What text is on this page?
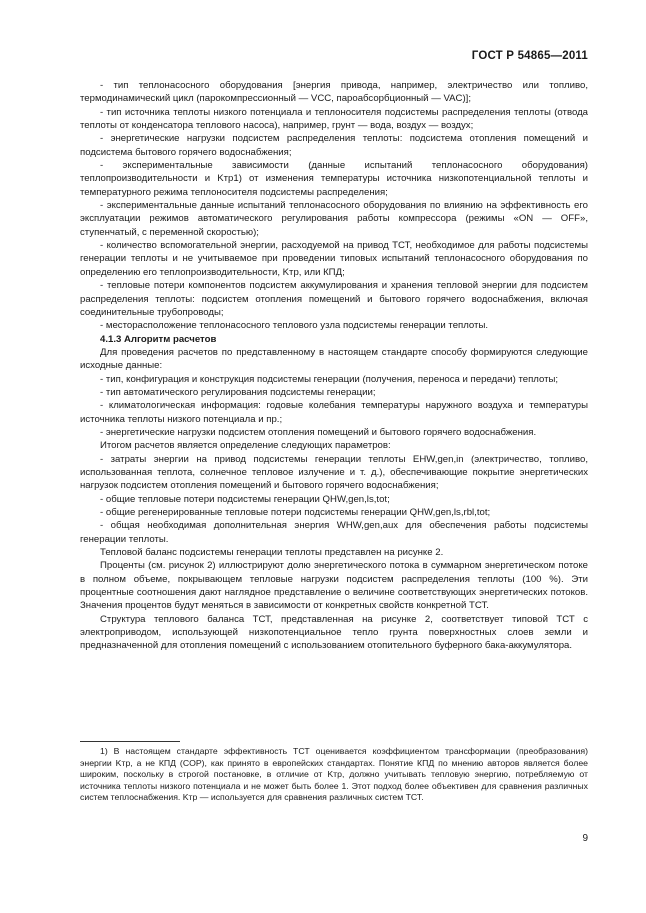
ГОСТ Р 54865—2011

- тип теплонасосного оборудования [энергия привода, например, электричество или топливо, термодинамический цикл (парокомпрессионный — VCC, пароабсорбционный — VAC)];

- тип источника теплоты низкого потенциала и теплоносителя подсистемы распределения теплоты (отвода теплоты от конденсатора теплового насоса), например, грунт — вода, воздух — воздух;

- энергетические нагрузки подсистем распределения теплоты: подсистема отопления помещений и подсистема бытового горячего водоснабжения;

- экспериментальные зависимости (данные испытаний теплонасосного оборудования) теплопроизводительности и Kтр1) от изменения температуры источника низкопотенциальной теплоты и температурного режима теплоносителя подсистемы распределения;

- экспериментальные данные испытаний теплонасосного оборудования по влиянию на эффективность его эксплуатации режимов автоматического регулирования работы компрессора (режимы «ON — OFF», ступенчатый, с переменной скоростью);

- количество вспомогательной энергии, расходуемой на привод ТСТ, необходимое для работы подсистемы генерации теплоты и не учитываемое при проведении типовых испытаний теплонасосного оборудования по определению его теплопроизводительности, Kтр, или КПД;

- тепловые потери компонентов подсистем аккумулирования и хранения тепловой энергии для подсистем распределения теплоты: подсистем отопления помещений и бытового горячего водоснабжения, включая соединительные трубопроводы;

- месторасположение теплонасосного теплового узла подсистемы генерации теплоты.

4.1.3 Алгоритм расчетов

Для проведения расчетов по представленному в настоящем стандарте способу формируются следующие исходные данные:

- тип, конфигурация и конструкция подсистемы генерации (получения, переноса и передачи) теплоты;

- тип автоматического регулирования подсистемы генерации;

- климатологическая информация: годовые колебания температуры наружного воздуха и температуры источника теплоты низкого потенциала и пр.;

- энергетические нагрузки подсистем отопления помещений и бытового горячего водоснабжения.

Итогом расчетов является определение следующих параметров:

- затраты энергии на привод подсистемы генерации теплоты EHW,gen,in (электричество, топливо, использованная теплота, солнечное тепловое излучение и т. д.), обеспечивающие покрытие энергетических нагрузок подсистем отопления помещений и бытового горячего водоснабжения;

- общие тепловые потери подсистемы генерации QHW,gen,ls,tot;

- общие регенерированные тепловые потери подсистемы генерации QHW,gen,ls,rbl,tot;

- общая необходимая дополнительная энергия WHW,gen,aux для обеспечения работы подсистемы генерации теплоты.

Тепловой баланс подсистемы генерации теплоты представлен на рисунке 2.

Проценты (см. рисунок 2) иллюстрируют долю энергетического потока в суммарном энергетическом потоке в полном объеме, покрывающем тепловые нагрузки подсистем распределения теплоты (100 %). Эти процентные соотношения дают наглядное представление о величине соответствующих энергетических потоков. Значения процентов будут меняться в зависимости от конкретных свойств конкретной ТСТ.

Структура теплового баланса ТСТ, представленная на рисунке 2, соответствует типовой ТСТ с электроприводом, использующей низкопотенциальное тепло грунта поверхностных слоев земли и предназначенной для отопления помещений с использованием отопительного буферного бака-аккумулятора.

1) В настоящем стандарте эффективность ТСТ оценивается коэффициентом трансформации (преобразования) энергии Kтр, а не КПД (COP), как принято в европейских стандартах. Понятие КПД по мнению авторов является более широким, поскольку в строгой постановке, в отличие от Kтр, должно учитывать тепловую энергию, потребляемую от источника теплоты низкого потенциала и не может быть более 1. Этот подход более объективен для сравнения различных систем теплоснабжения. Kтр — используется для сравнения различных систем ТСТ.

9
